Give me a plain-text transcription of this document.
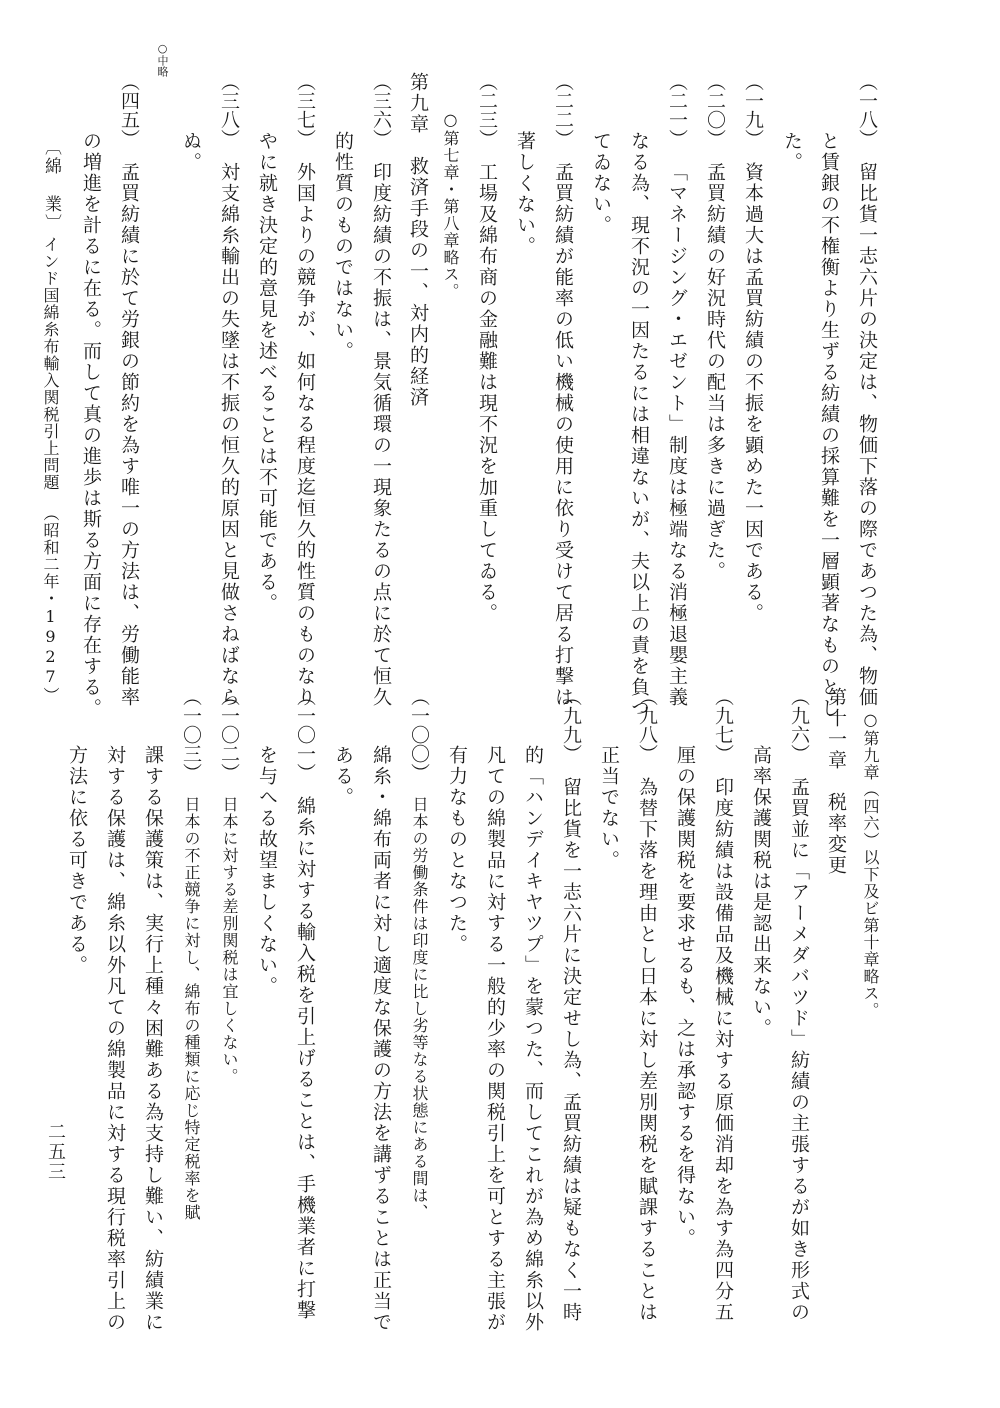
（一八）留比貨一志六片の決定は、物価下落の際であつた為、物価
と賃銀の不権衡より生ずる紡績の採算難を一層顕著なものとし
た。
（一九）資本過大は孟買紡績の不振を顕めた一因である。
（二〇）孟買紡績の好況時代の配当は多きに過ぎた。
（二一）「マネージング・エゼント」制度は極端なる消極退嬰主義
なる為、現不況の一因たるには相違ないが、夫以上の責を負つ
てゐない。
（二二）孟買紡績が能率の低い機械の使用に依り受けて居る打撃は
著しくない。
（二三）工場及綿布商の金融難は現不況を加重してゐる。
○第七章・第八章略ス。
第九章　救済手段の一、対内的経済
（三六）印度紡績の不振は、景気循環の一現象たるの点に於て恒久
的性質のものではない。
（三七）外国よりの競争が、如何なる程度迄恒久的性質のものなり
やに就き決定的意見を述べることは不可能である。
（三八）対支綿糸輸出の失墜は不振の恒久的原因と見做さねばなら
ぬ。
○中略
（四五）孟買紡績に於て労銀の節約を為す唯一の方法は、労働能率
の増進を計るに在る。而して真の進歩は斯る方面に存在する。
〔綿　業〕
インド国綿糸布輸入関税引上問題
（昭和二年・1927）
○第九章（四六）以下及ビ第十章略ス。
第十一章　税率変更
（九六）孟買並に「アーメダバツド」紡績の主張するが如き形式の
高率保護関税は是認出来ない。
（九七）印度紡績は設備品及機械に対する原価消却を為す為四分五
厘の保護関税を要求せるも、之は承認するを得ない。
（九八）為替下落を理由とし日本に対し差別関税を賦課することは
正当でない。
（九九）留比貨を一志六片に決定せし為、孟買紡績は疑もなく一時
的「ハンデイキヤツプ」を蒙つた、而してこれが為め綿糸以外
凡ての綿製品に対する一般的少率の関税引上を可とする主張が
有力なものとなつた。
（一〇〇）日本の労働条件は印度に比し劣等なる状態にある間は、
綿糸・綿布両者に対し適度な保護の方法を講ずることは正当で
ある。
（一〇一）綿糸に対する輸入税を引上げることは、手機業者に打撃
を与へる故望ましくない。
（一〇二）日本に対する差別関税は宜しくない。
（一〇三）日本の不正競争に対し、綿布の種類に応じ特定税率を賦
課する保護策は、実行上種々困難ある為支持し難い、紡績業に
対する保護は、綿糸以外凡ての綿製品に対する現行税率引上の
方法に依る可きである。
二五三
